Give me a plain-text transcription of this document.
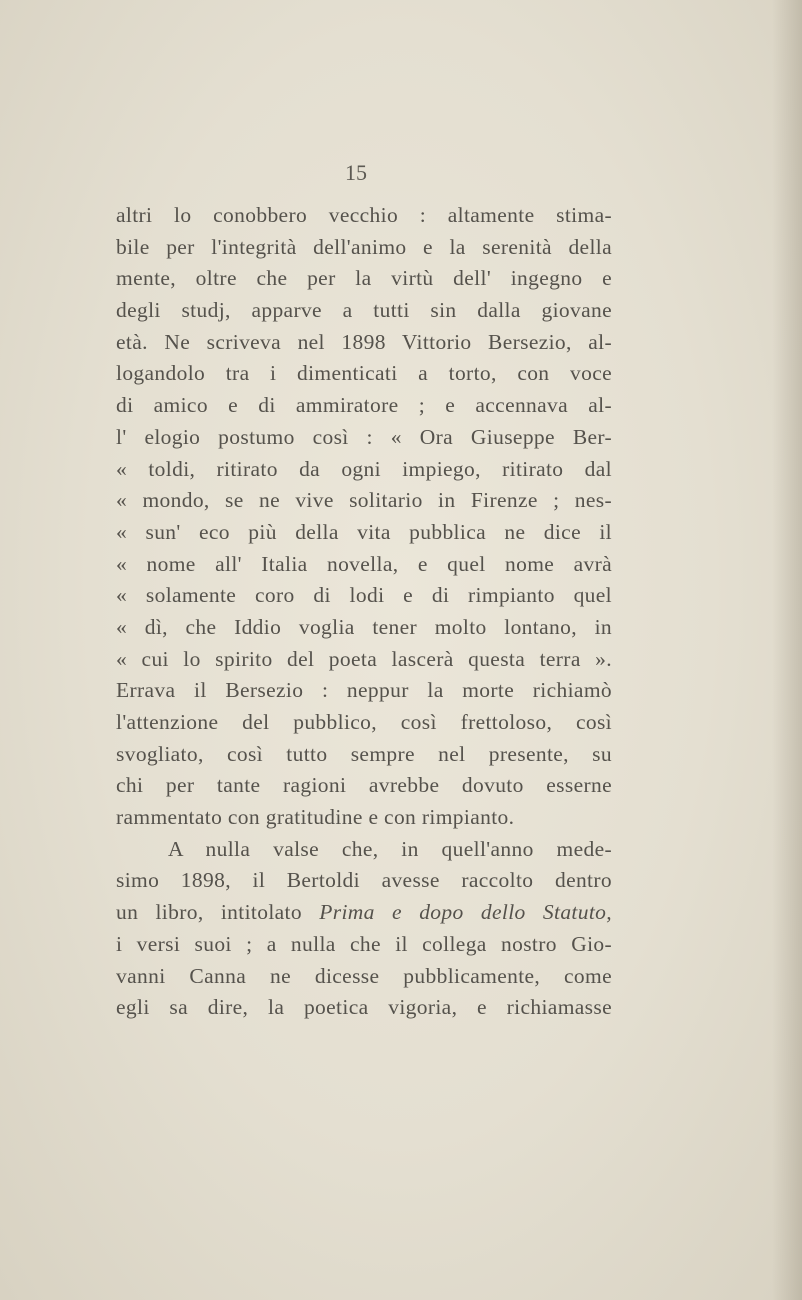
15
altri lo conobbero vecchio : altamente stima-
bile per l'integrità dell'animo e la serenità della
mente, oltre che per la virtù dell' ingegno e
degli studj, apparve a tutti sin dalla giovane
età. Ne scriveva nel 1898 Vittorio Bersezio, al-
logandolo tra i dimenticati a torto, con voce
di amico e di ammiratore ; e accennava al-
l' elogio postumo così : « Ora Giuseppe Ber-
« toldi, ritirato da ogni impiego, ritirato dal
« mondo, se ne vive solitario in Firenze ; nes-
« sun' eco più della vita pubblica ne dice il
« nome all' Italia novella, e quel nome avrà
« solamente coro di lodi e di rimpianto quel
« dì, che Iddio voglia tener molto lontano, in
« cui lo spirito del poeta lascerà questa terra ».
Errava il Bersezio : neppur la morte richiamò
l'attenzione del pubblico, così frettoloso, così
svogliato, così tutto sempre nel presente, su
chi per tante ragioni avrebbe dovuto esserne
rammentato con gratitudine e con rimpianto.
A nulla valse che, in quell'anno mede-
simo 1898, il Bertoldi avesse raccolto dentro
un libro, intitolato Prima e dopo dello Statuto,
i versi suoi ; a nulla che il collega nostro Gio-
vanni Canna ne dicesse pubblicamente, come
egli sa dire, la poetica vigoria, e richiamasse
